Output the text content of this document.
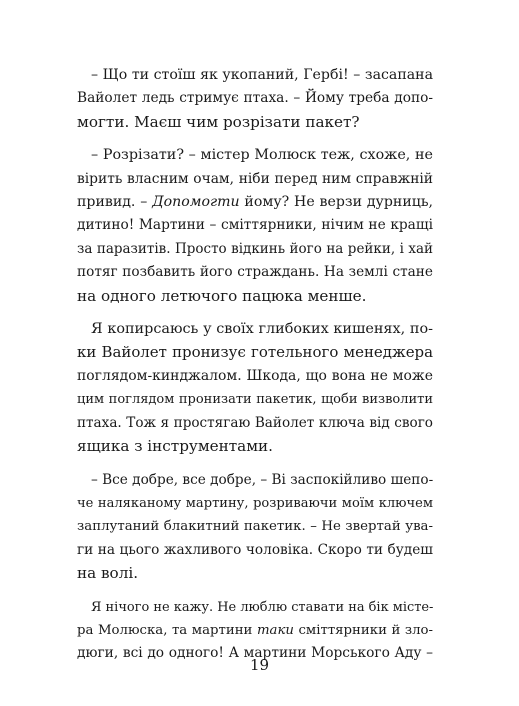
– Що ти стоїш як укопаний, Гербі! – засапана
Вайолет ледь стримує птаха. – Йому треба допо-
могти. Маєш чим розрізати пакет?

– Розрізати? – містер Молюск теж, схоже, не
вірить власним очам, ніби перед ним справжній
привид. – Допомогти йому? Не верзи дурниць,
дитино! Мартини – сміттярники, нічим не кращі
за паразитів. Просто відкинь його на рейки, і хай
потяг позбавить його страждань. На землі стане
на одного летючого пацюка менше.

Я копирсаюсь у своїх глибоких кишенях, по-
ки Вайолет пронизує готельного менеджера
поглядом-кинджалом. Шкода, що вона не може
цим поглядом пронизати пакетик, щоби визволити
птаха. Тож я простягаю Вайолет ключа від свого
ящика з інструментами.

– Все добре, все добре, – Ві заспокійливо шепо-
че наляканому мартину, розриваючи моїм ключем
заплутаний блакитний пакетик. – Не звертай ува-
ги на цього жахливого чоловіка. Скоро ти будеш
на волі.

Я нічого не кажу. Не люблю ставати на бік містe-
ра Молюска, та мартини таки сміттярники й зло-
дюги, всі до одного! А мартини Морського Аду –

19
